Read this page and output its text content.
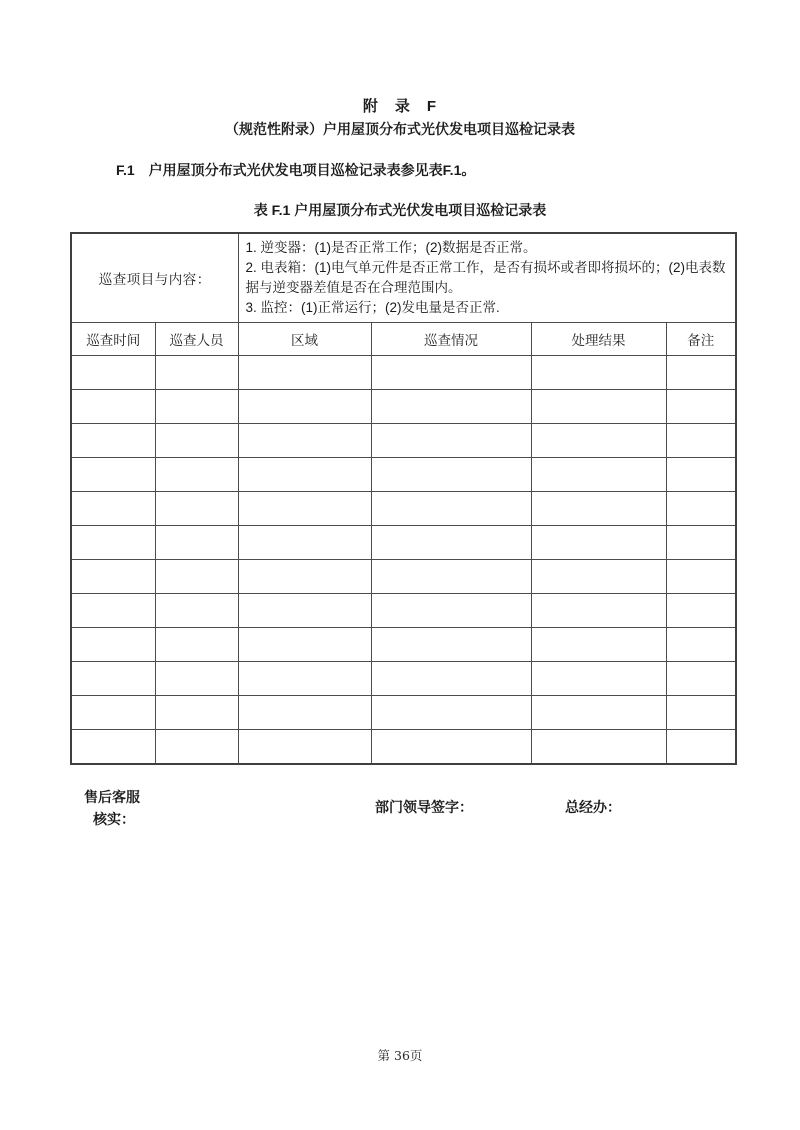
附　录　F
（规范性附录）户用屋顶分布式光伏发电项目巡检记录表
F.1　户用屋顶分布式光伏发电项目巡检记录表参见表F.1。
表 F.1 户用屋顶分布式光伏发电项目巡检记录表
巡查项目与内容：		1. 逆变器：(1)是否正常工作；(2)数据是否正常。
2. 电表箱：(1)电气单元件是否正常工作，是否有损坏或者即将损坏的；(2)电表数据与逆变器差值是否在合理范围内。
3. 监控：(1)正常运行；(2)发电量是否正常.			

巡查时间	巡查人员	区域	巡查情况	处理结果	备注

售后客服
核实：
部门领导签字：	总经办：
第 36页
